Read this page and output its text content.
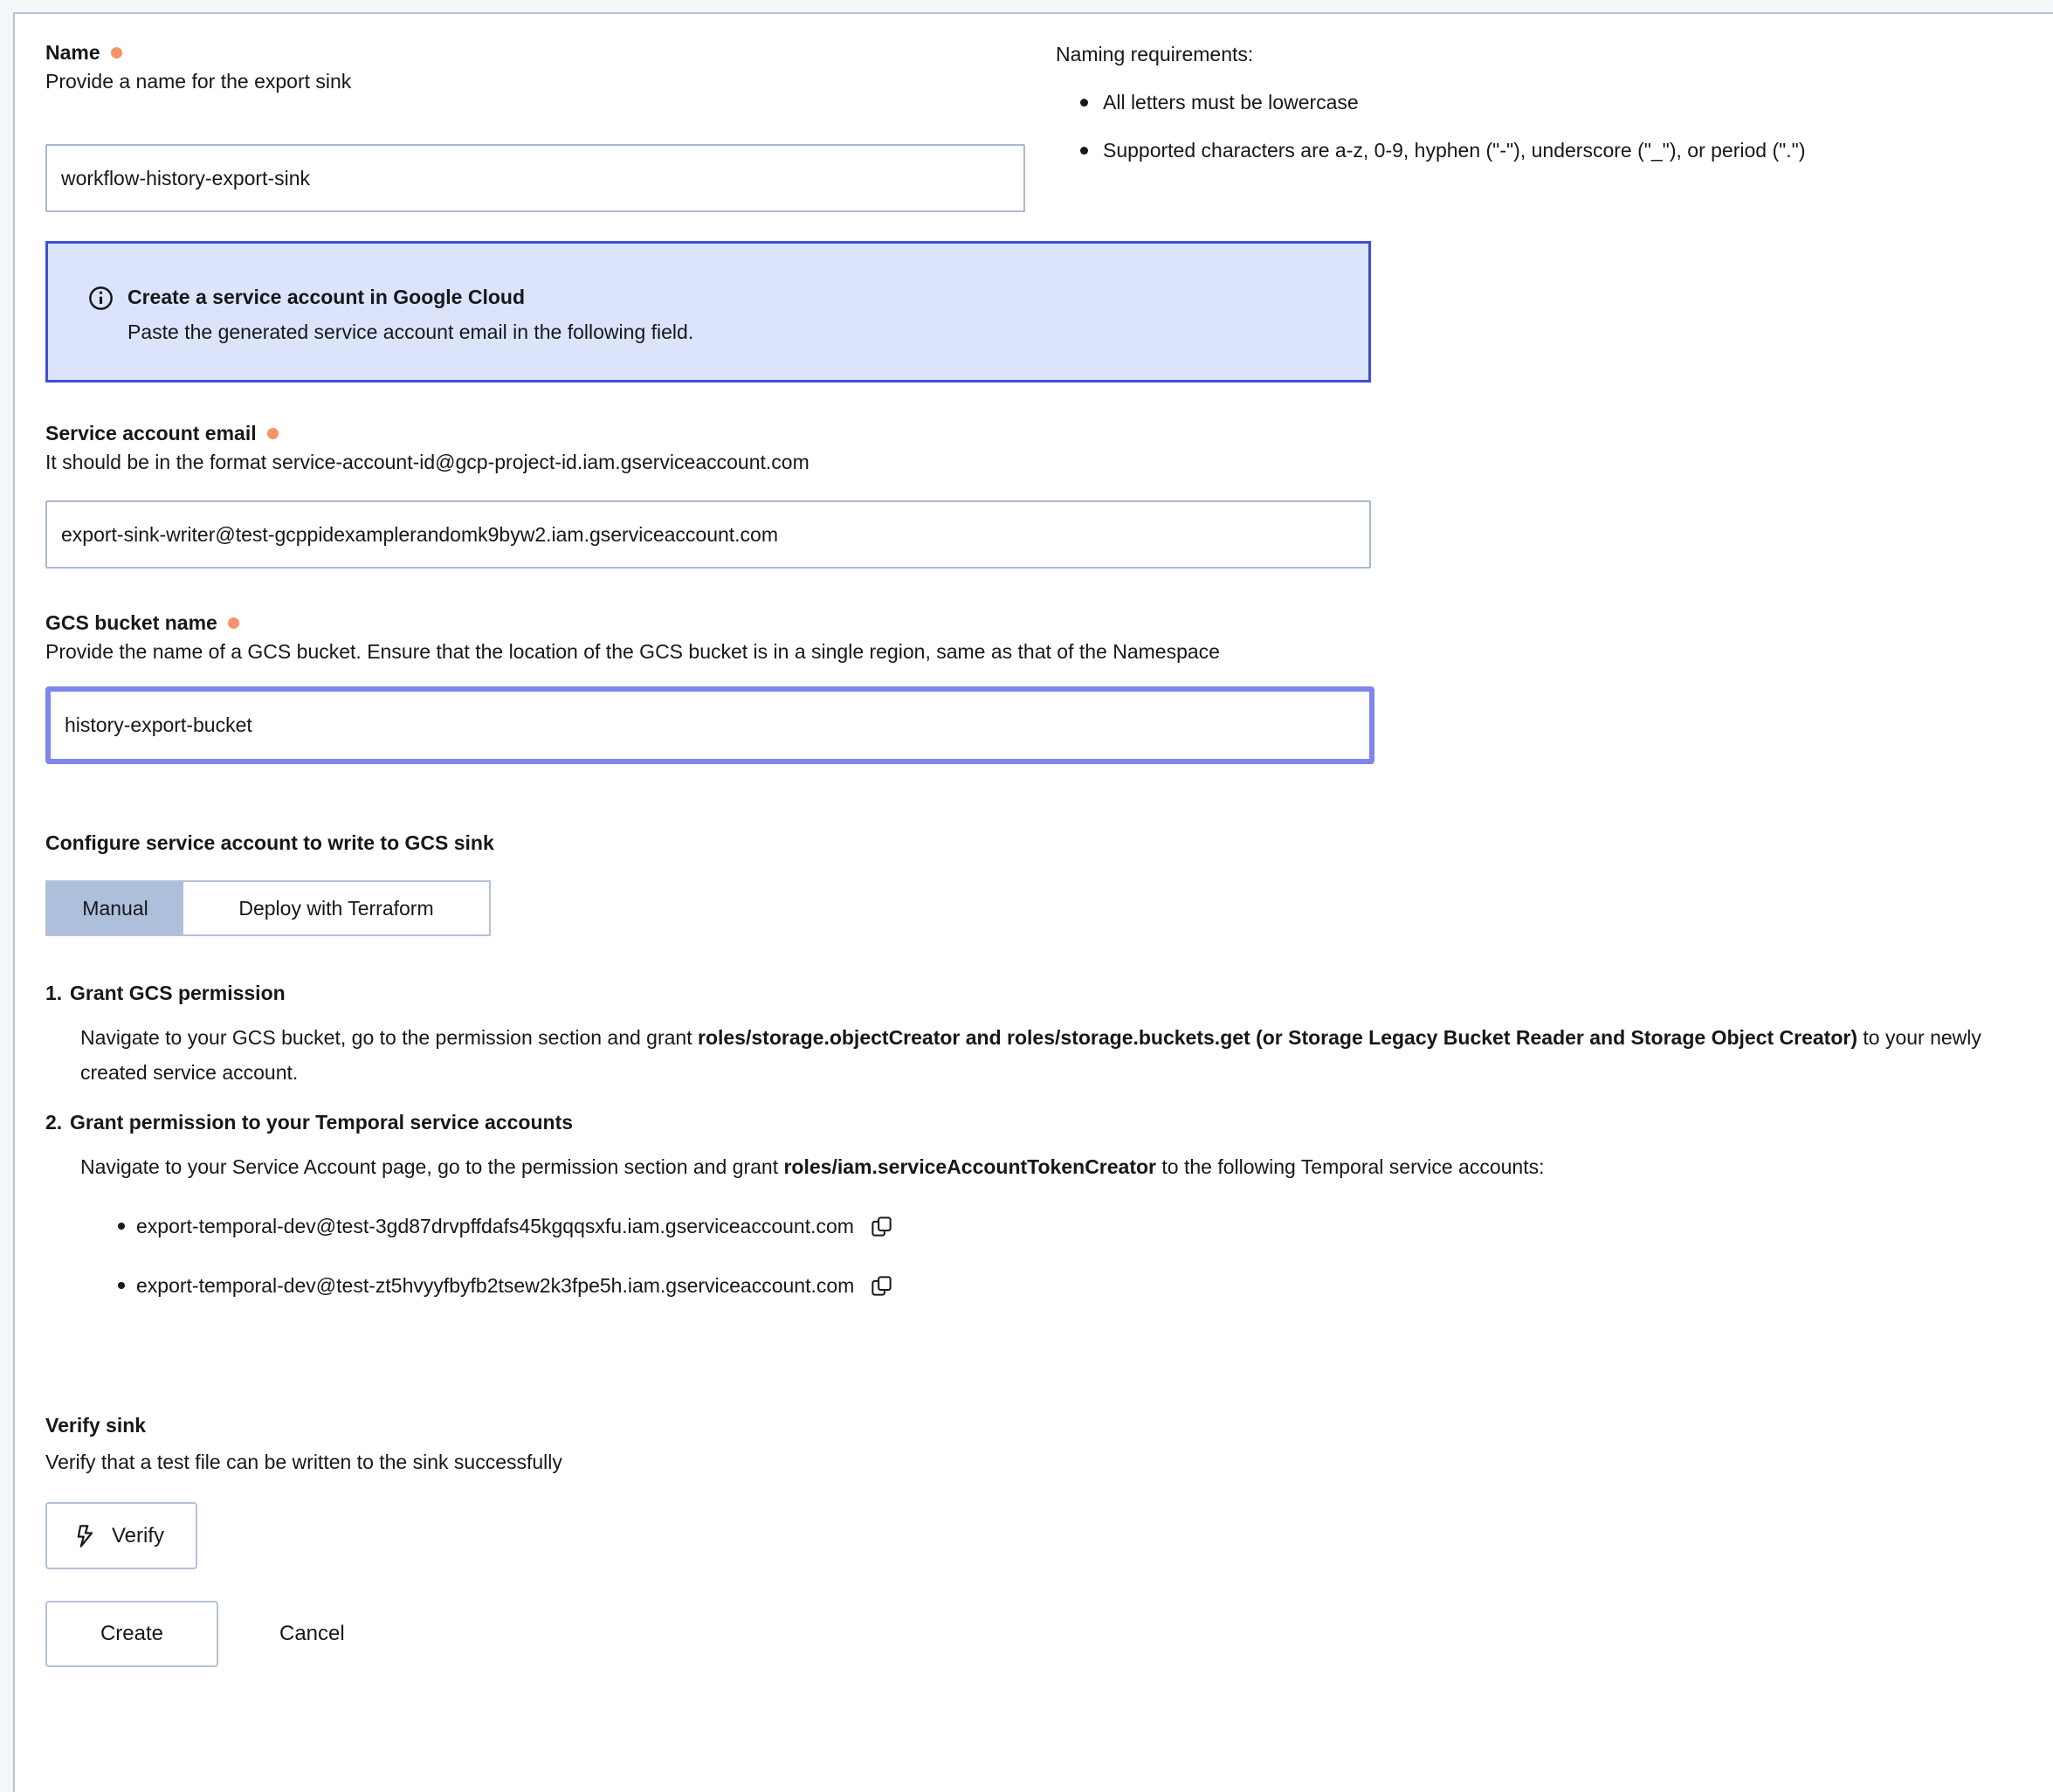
Name
Provide a name for the export sink
workflow-history-export-sink
Naming requirements:
All letters must be lowercase
Supported characters are a-z, 0-9, hyphen ("-"), underscore ("_"), or period (".")
Create a service account in Google Cloud
Paste the generated service account email in the following field.
Service account email
It should be in the format service-account-id@gcp-project-id.iam.gserviceaccount.com
export-sink-writer@test-gcppidexamplerandomk9byw2.iam.gserviceaccount.com
GCS bucket name
Provide the name of a GCS bucket. Ensure that the location of the GCS bucket is in a single region, same as that of the Namespace
history-export-bucket
Configure service account to write to GCS sink
Manual	Deploy with Terraform
1. Grant GCS permission
Navigate to your GCS bucket, go to the permission section and grant roles/storage.objectCreator and roles/storage.buckets.get (or Storage Legacy Bucket Reader and Storage Object Creator) to your newly created service account.
2. Grant permission to your Temporal service accounts
Navigate to your Service Account page, go to the permission section and grant roles/iam.serviceAccountTokenCreator to the following Temporal service accounts:
export-temporal-dev@test-3gd87drvpffdafs45kgqqsxfu.iam.gserviceaccount.com
export-temporal-dev@test-zt5hvyyfbyfb2tsew2k3fpe5h.iam.gserviceaccount.com
Verify sink
Verify that a test file can be written to the sink successfully
Verify
Create	Cancel
